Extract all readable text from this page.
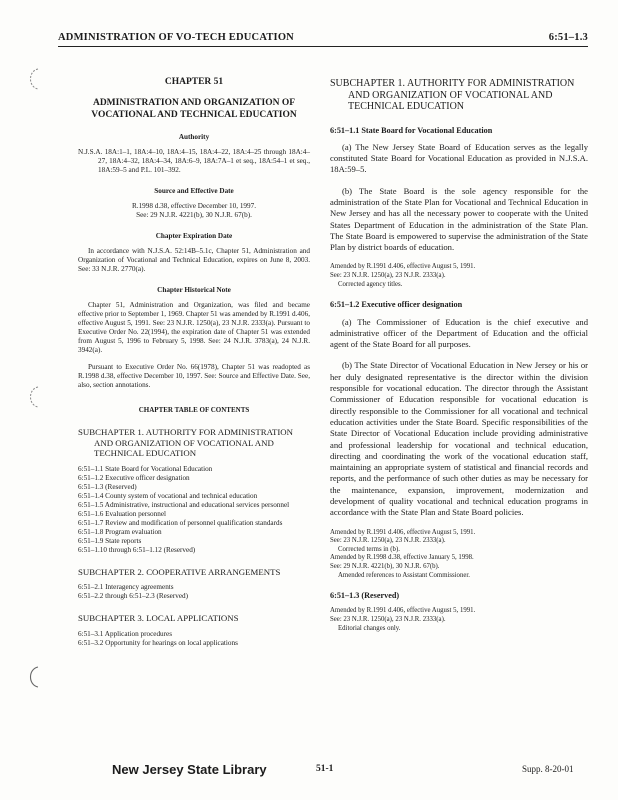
ADMINISTRATION OF VO-TECH EDUCATION	6:51–1.3
CHAPTER 51
ADMINISTRATION AND ORGANIZATION OF VOCATIONAL AND TECHNICAL EDUCATION
Authority

N.J.S.A. 18A:1–1, 18A:4–10, 18A:4–15, 18A:4–22, 18A:4–25 through 18A:4–27, 18A:4–32, 18A:4–34, 18A:6–9, 18A:7A–1 et seq., 18A:54–1 et seq., 18A:59–5 and P.L. 101–392.

Source and Effective Date
R.1998 d.38, effective December 10, 1997.
See: 29 N.J.R. 4221(b), 30 N.J.R. 67(b).
Chapter Expiration Date

In accordance with N.J.S.A. 52:14B–5.1c, Chapter 51, Administration and Organization of Vocational and Technical Education, expires on June 8, 2003. See: 33 N.J.R. 2770(a).

Chapter Historical Note

Chapter 51, Administration and Organization, was filed and became effective prior to September 1, 1969. Chapter 51 was amended by R.1991 d.406, effective August 5, 1991. See: 23 N.J.R. 1250(a), 23 N.J.R. 2333(a). Pursuant to Executive Order No. 22(1994), the expiration date of Chapter 51 was extended from August 5, 1996 to February 5, 1998. See: 24 N.J.R. 3783(a), 24 N.J.R. 3942(a).

Pursuant to Executive Order No. 66(1978), Chapter 51 was readopted as R.1998 d.38, effective December 10, 1997. See: Source and Effective Date. See, also, section annotations.

CHAPTER TABLE OF CONTENTS
SUBCHAPTER 1. AUTHORITY FOR ADMINISTRATION AND ORGANIZATION OF VOCATIONAL AND TECHNICAL EDUCATION
6:51–1.1 State Board for Vocational Education
6:51–1.2 Executive officer designation
6:51–1.3 (Reserved)
6:51–1.4 County system of vocational and technical education
6:51–1.5 Administrative, instructional and educational services personnel
6:51–1.6 Evaluation personnel
6:51–1.7 Review and modification of personnel qualification standards
6:51–1.8 Program evaluation
6:51–1.9 State reports
6:51–1.10 through 6:51–1.12 (Reserved)
SUBCHAPTER 2. COOPERATIVE ARRANGEMENTS
6:51–2.1 Interagency agreements
6:51–2.2 through 6:51–2.3 (Reserved)
SUBCHAPTER 3. LOCAL APPLICATIONS
6:51–3.1 Application procedures
6:51–3.2 Opportunity for hearings on local applications
SUBCHAPTER 1. AUTHORITY FOR ADMINISTRATION AND ORGANIZATION OF VOCATIONAL AND TECHNICAL EDUCATION
6:51–1.1 State Board for Vocational Education

(a) The New Jersey State Board of Education serves as the legally constituted State Board for Vocational Education as provided in N.J.S.A. 18A:59–5.

(b) The State Board is the sole agency responsible for the administration of the State Plan for Vocational and Technical Education in New Jersey and has all the necessary power to cooperate with the United States Department of Education in the administration of the State Plan. The State Board is empowered to supervise the administration of the State Plan by district boards of education.

Amended by R.1991 d.406, effective August 5, 1991.
See: 23 N.J.R. 1250(a), 23 N.J.R. 2333(a).
Corrected agency titles.
6:51–1.2 Executive officer designation

(a) The Commissioner of Education is the chief executive and administrative officer of the Department of Education and the official agent of the State Board for all purposes.

(b) The State Director of Vocational Education in New Jersey or his or her duly designated representative is the director within the division responsible for vocational education. The director through the Assistant Commissioner of Education responsible for vocational education is directly responsible to the Commissioner for all vocational and technical education activities under the State Board. Specific responsibilities of the State Director of Vocational Education include providing administrative and professional leadership for vocational and technical education, directing and coordinating the work of the vocational education staff, maintaining an appropriate system of statistical and financial records and reports, and the performance of such other duties as may be necessary for the maintenance, expansion, improvement, modernization and development of quality vocational and technical education programs in accordance with the State Plan and State Board policies.

Amended by R.1991 d.406, effective August 5, 1991.
See: 23 N.J.R. 1250(a), 23 N.J.R. 2333(a).
Corrected terms in (b).
Amended by R.1998 d.38, effective January 5, 1998.
See: 29 N.J.R. 4221(b), 30 N.J.R. 67(b).
Amended references to Assistant Commissioner.
6:51–1.3 (Reserved)
Amended by R.1991 d.406, effective August 5, 1991.
See: 23 N.J.R. 1250(a), 23 N.J.R. 2333(a).
Editorial changes only.
New Jersey State Library	51-1	Supp. 8-20-01
